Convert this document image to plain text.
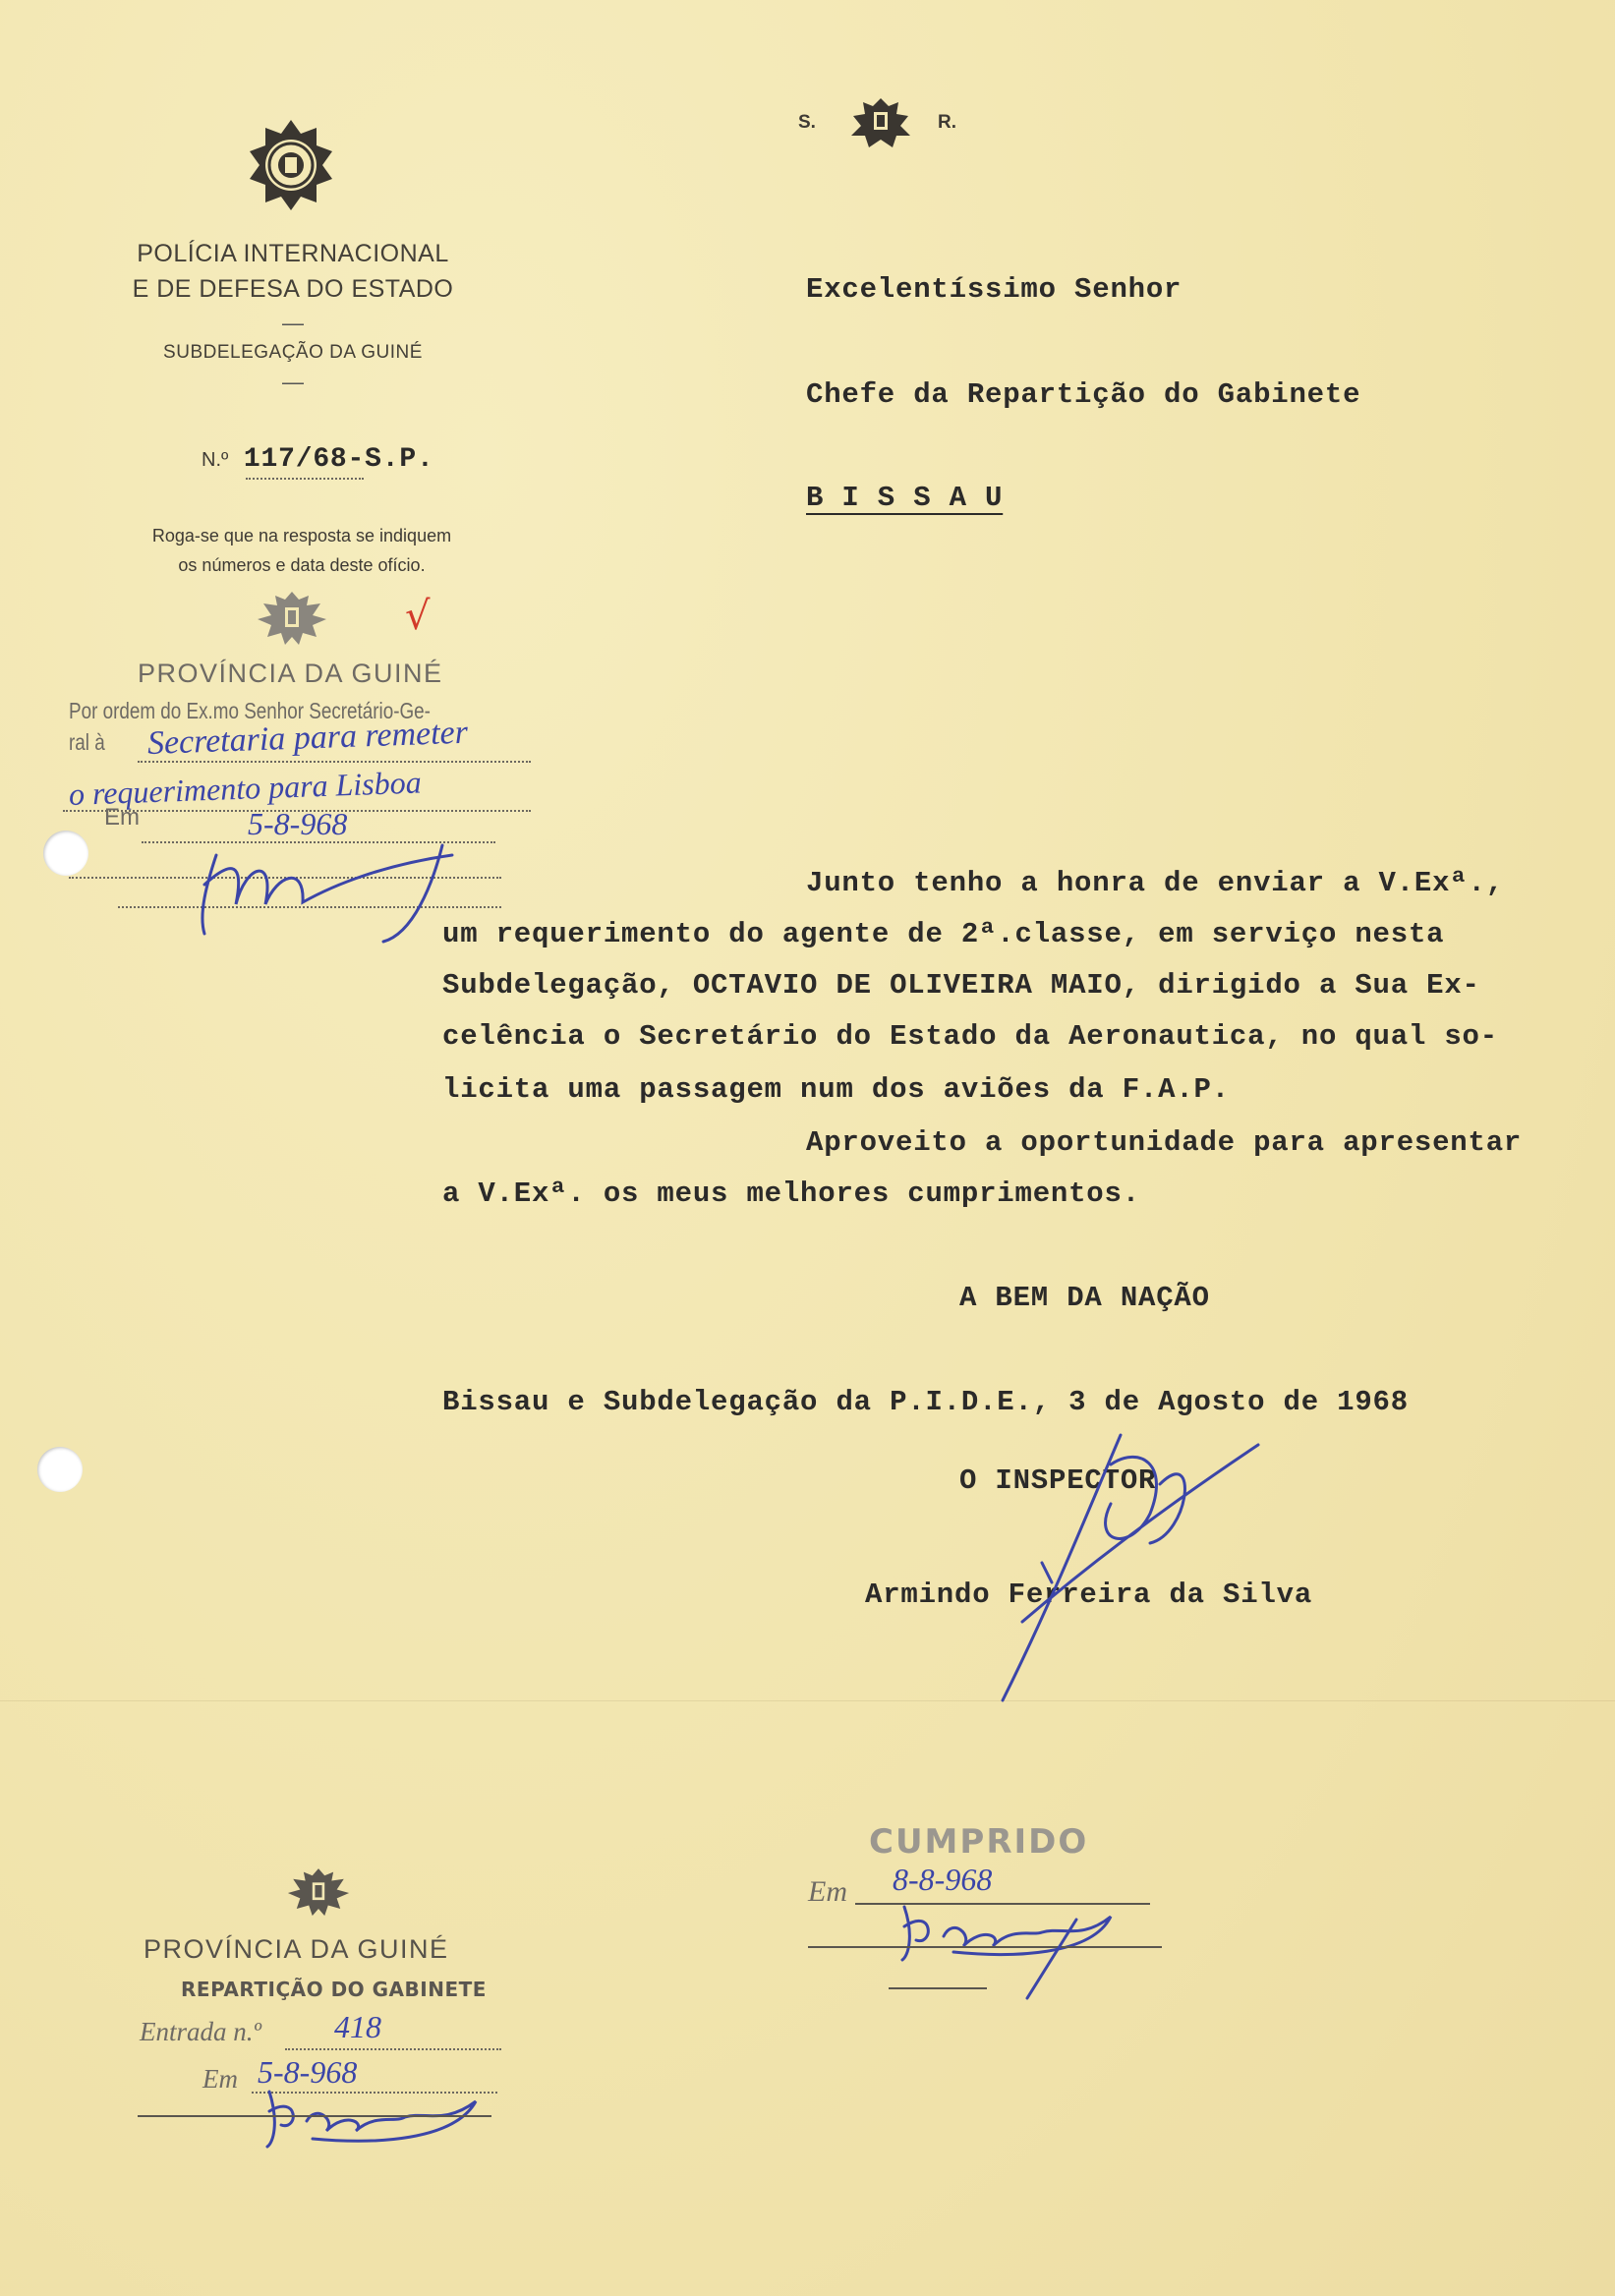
S.	R.
POLÍCIA INTERNACIONAL
E DE DEFESA DO ESTADO
—
SUBDELEGAÇÃO DA GUINÉ
—
N.º 117/68-S.P.
Roga-se que na resposta se indiquem
os números e data deste ofício.
Excelentíssimo Senhor
Chefe da Repartição do Gabinete
B I S S A U
√
PROVÍNCIA DA GUINÉ
Por ordem do Ex.mo Senhor Secretário-Ge-
ral à Secretaria para remeter
o requerimento para Lisboa
Em	5-8-968
Junto tenho a honra de enviar a V.Exª.,
um requerimento do agente de 2ª.classe, em serviço nesta
Subdelegação, OCTAVIO DE OLIVEIRA MAIO, dirigido a Sua Ex-
celência o Secretário do Estado da Aeronautica, no qual so-
licita uma passagem num dos aviões da F.A.P.
Aproveito a oportunidade para apresentar
a V.Exª. os meus melhores cumprimentos.
A BEM DA NAÇÃO
Bissau e Subdelegação da P.I.D.E., 3 de Agosto de 1968
O INSPECTOR
Armindo Ferreira da Silva
CUMPRIDO
Em 8-8-968
PROVÍNCIA DA GUINÉ
REPARTIÇÃO DO GABINETE
Entrada n.º 418
Em 5-8-968
